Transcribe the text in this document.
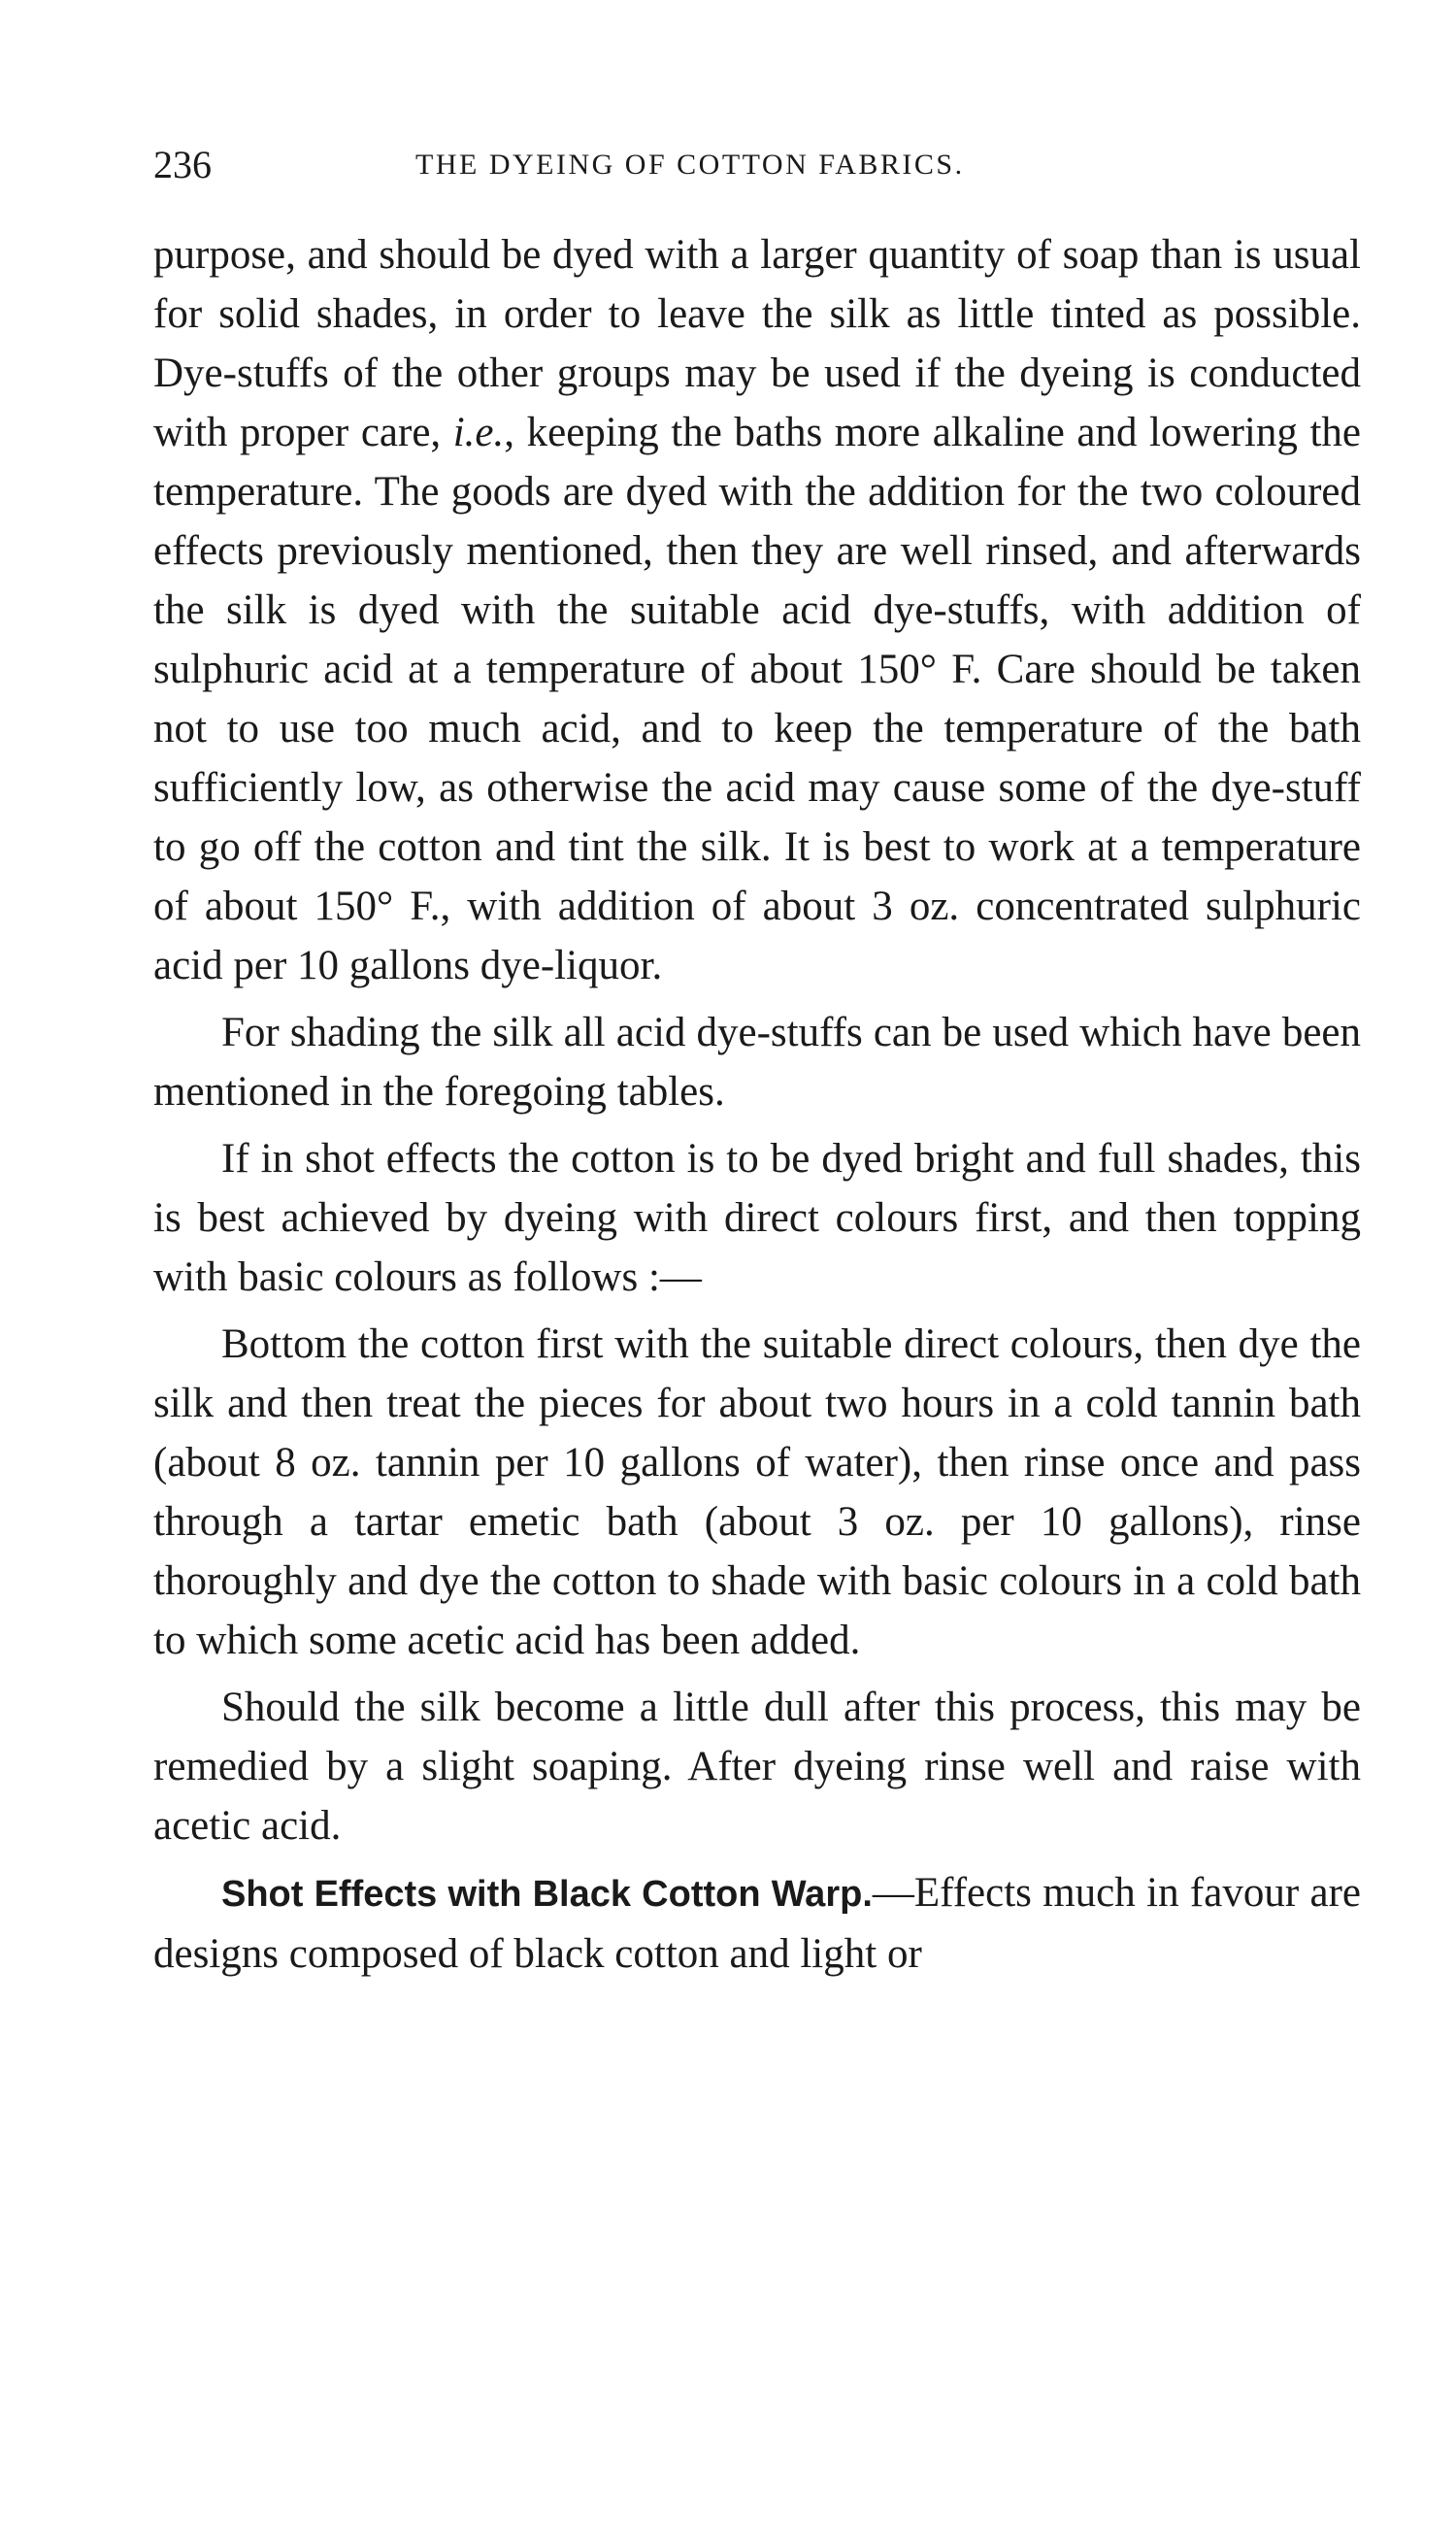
236	THE DYEING OF COTTON FABRICS.

purpose, and should be dyed with a larger quantity of soap than is usual for solid shades, in order to leave the silk as little tinted as possible. Dye-stuffs of the other groups may be used if the dyeing is conducted with proper care, i.e., keeping the baths more alkaline and lowering the temperature. The goods are dyed with the addition for the two coloured effects previously mentioned, then they are well rinsed, and afterwards the silk is dyed with the suitable acid dye-stuffs, with addition of sulphuric acid at a temperature of about 150° F. Care should be taken not to use too much acid, and to keep the temperature of the bath sufficiently low, as otherwise the acid may cause some of the dye-stuff to go off the cotton and tint the silk. It is best to work at a temperature of about 150° F., with addition of about 3 oz. concentrated sulphuric acid per 10 gallons dye-liquor.

For shading the silk all acid dye-stuffs can be used which have been mentioned in the foregoing tables.

If in shot effects the cotton is to be dyed bright and full shades, this is best achieved by dyeing with direct colours first, and then topping with basic colours as follows :—

Bottom the cotton first with the suitable direct colours, then dye the silk and then treat the pieces for about two hours in a cold tannin bath (about 8 oz. tannin per 10 gallons of water), then rinse once and pass through a tartar emetic bath (about 3 oz. per 10 gallons), rinse thoroughly and dye the cotton to shade with basic colours in a cold bath to which some acetic acid has been added.

Should the silk become a little dull after this process, this may be remedied by a slight soaping. After dyeing rinse well and raise with acetic acid.

Shot Effects with Black Cotton Warp.—Effects much in favour are designs composed of black cotton and light or
